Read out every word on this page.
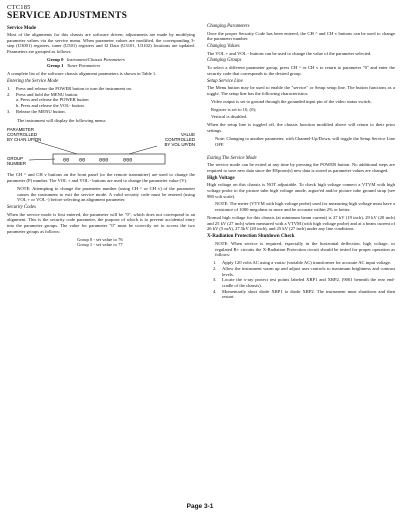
CTC185
SERVICE ADJUSTMENTS
Service Mode

Most of the alignments for this chassis are software driven; adjustments are made by modifying parameter values via the service menu. When parameter values are modified, the corresponding 3-step (U3001) registers, tuner (U501) registers and I2 Data (U3101, U3102) locations are updated. Parameters are grouped as follows:

Group 0 Instrument/Chassis Parameters
Group 1 Tuner Parameters

A complete list of the software chassis alignment parameters is shown in Table 1.

Entering the Service Mode
1.	Press and release the POWER button to turn the instrument on.
2.	Press and hold the MENU button.
a. Press and release the POWER button
b. Press and release the VOL- button.
3.	Release the MENU button.

The instrument will display the following menu:

PARAMETER
CONTROLLED
BY CHAN UP/DN
VALUE
CONTROLLED
BY VOL UP/DN
GROUP
NUMBER	00 00	000	000

The CH ^ and CH v buttons on the front panel (or the remote transmitter) are used to change the parameter (P) number. The VOL + and VOL - buttons are used to change the parameter value (V).

NOTE: Attempting to change the parameter number (using CH ^ or CH v) of the parameter causes the instrument to exit the service mode. A valid security code must be entered (using VOL + or VOL -) before selecting an alignment parameter.

Security Codes

When the service mode is first entered, the parameter will be "0", which does not correspond to an alignment. This is the security code parameter, the purpose of which is to prevent accidental entry into the parameter groups. The value for parameter "0" must be correctly set to access the two parameter groups as follows:

Group 0 - set value to 76
Group 1 - set value to 77
Changing Parameters

Once the proper Security Code has been entered, the CH ^ and CH v buttons can be used to change the parameter number.

Changing Values

The VOL + and VOL - buttons can be used to change the value of the parameter selected.

Changing Groups

To select a different parameter group, press CH ^ or CH v to return to parameter "0" and enter the security code that corresponds to the desired group.

Setup Service Line

The Menu button may be used to enable the "service" or Setup setup line. The button functions as a toggle. The setup line has the following characteristics:

Video output is set to ground through the grounded input pin of the video status switch;

Register is set to 10, (0);

Vertical is disabled.

When the setup line is toggled off, the chassis function modified above will return to their prior settings.

Note: Changing to another parameter, with Channel-Up/Down, will toggle the Setup Service Line OFF.

Exiting The Service Mode

The service mode can be exited at any time by pressing the POWER button. No additional steps are required to save new data since the EEprom(s) new data is stored as parameter values are changed.

High Voltage

High voltage on this chassis is NOT adjustable. To check high voltage connect a VTVM with high voltage probe to the picture tube high voltage anode, argue/ed and/or picture tube ground strap (see 980 volt scale).

NOTE: The meter (VTVM with high voltage probe) used for measuring high voltage must have a resistance of 1000 megohms or more and be accurate within 2% or better.

Normal high voltage for this chassis (at minimum beam current) is 27 kV (19 inch), 29 kV (20 inch) and 25 kV (27 inch) when measured with a VTVM (with high voltage probe) and at a beam current of 26 kV (5 mA), 27.5kV (20 inch), and 25 kV (27 inch) under any line conditions.

X-Radiation Protection Shutdown Check

NOTE: When service is required, especially in the horizontal deflection, high voltage, or regulated B+ circuits the X-Radiation Protection circuit should be tested for proper operation as follows:

1.	Apply 120 volts AC using a variac (variable AC) transformer for accurate AC input voltage.
2.	Allow the instrument warm up and adjust user controls to maximum brightness and contrast levels.
3.	Locate the x-ray protect test points labeled XRP1 and XRP2, (9001 beneath the rear end-cradle of the chassis).
4.	Momentarily short diode XRP1 to diode XRP2. The instrument must shutdown and then restart.
Page 3-1
